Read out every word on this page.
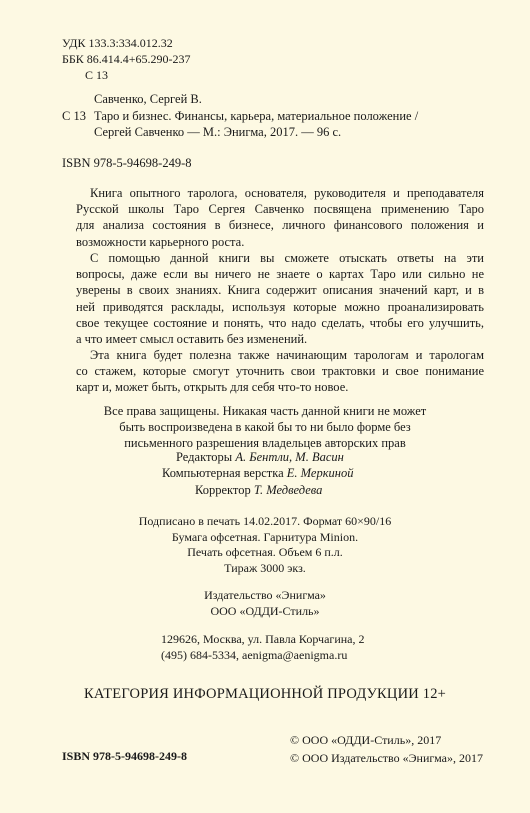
УДК 133.3:334.012.32
ББК 86.414.4+65.290-237
С 13
Савченко, Сергей В.
С 13 Таро и бизнес. Финансы, карьера, материальное положение /
Сергей Савченко — М.: Энигма, 2017. — 96 с.
ISBN 978-5-94698-249-8
Книга опытного таролога, основателя, руководителя и преподавателя
Русской школы Таро Сергея Савченко посвящена применению Таро
для анализа состояния в бизнесе, личного финансового положения и
возможности карьерного роста.
С помощью данной книги вы сможете отыскать ответы на эти
вопросы, даже если вы ничего не знаете о картах Таро или сильно не
уверены в своих знаниях. Книга содержит описания значений карт, и в
ней приводятся расклады, используя которые можно проанализировать
свое текущее состояние и понять, что надо сделать, чтобы его улучшить,
а что имеет смысл оставить без изменений.
Эта книга будет полезна также начинающим тарологам и тарологам
со стажем, которые смогут уточнить свои трактовки и свое понимание
карт и, может быть, открыть для себя что-то новое.
Все права защищены. Никакая часть данной книги не может
быть воспроизведена в какой бы то ни было форме без
письменного разрешения владельцев авторских прав
Редакторы А. Бентли, М. Васин
Компьютерная верстка Е. Меркиной
Корректор Т. Медведева
Подписано в печать 14.02.2017. Формат 60×90/16
Бумага офсетная. Гарнитура Minion.
Печать офсетная. Объем 6 п.л.
Тираж 3000 экз.
Издательство «Энигма»
ООО «ОДДИ-Стиль»
129626, Москва, ул. Павла Корчагина, 2
(495) 684-5334, aenigma@aenigma.ru
КАТЕГОРИЯ ИНФОРМАЦИОННОЙ ПРОДУКЦИИ 12+
© ООО «ОДДИ-Стиль», 2017
© ООО Издательство «Энигма», 2017
ISBN 978-5-94698-249-8
